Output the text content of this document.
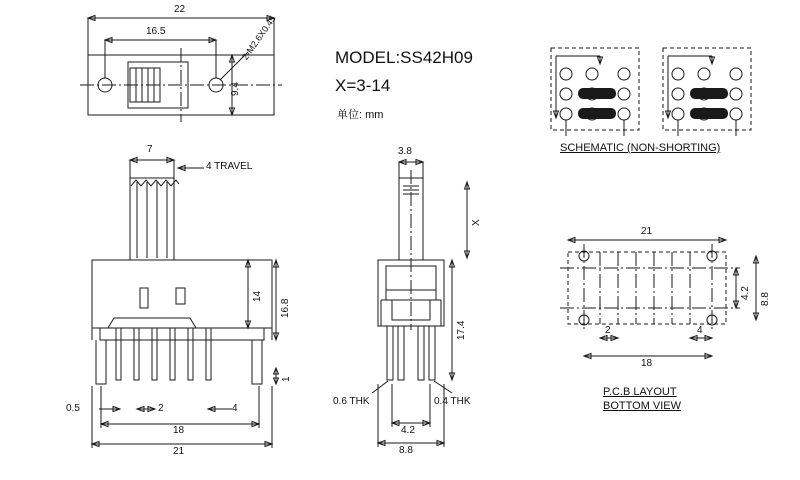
22
16.5	2-M2.6X0.45
9.4
MODEL:SS42H09
X=3-14
单位: mm
7
4 TRAVEL
14
16.8
1
0.5	2	4
18
21
3.8
X
17.4
0.6 THK	0.4 THK
4.2
8.8
SCHEMATIC (NON-SHORTING)
21
2	4
18
4.2 8.8
P.C.B LAYOUT
BOTTOM VIEW
